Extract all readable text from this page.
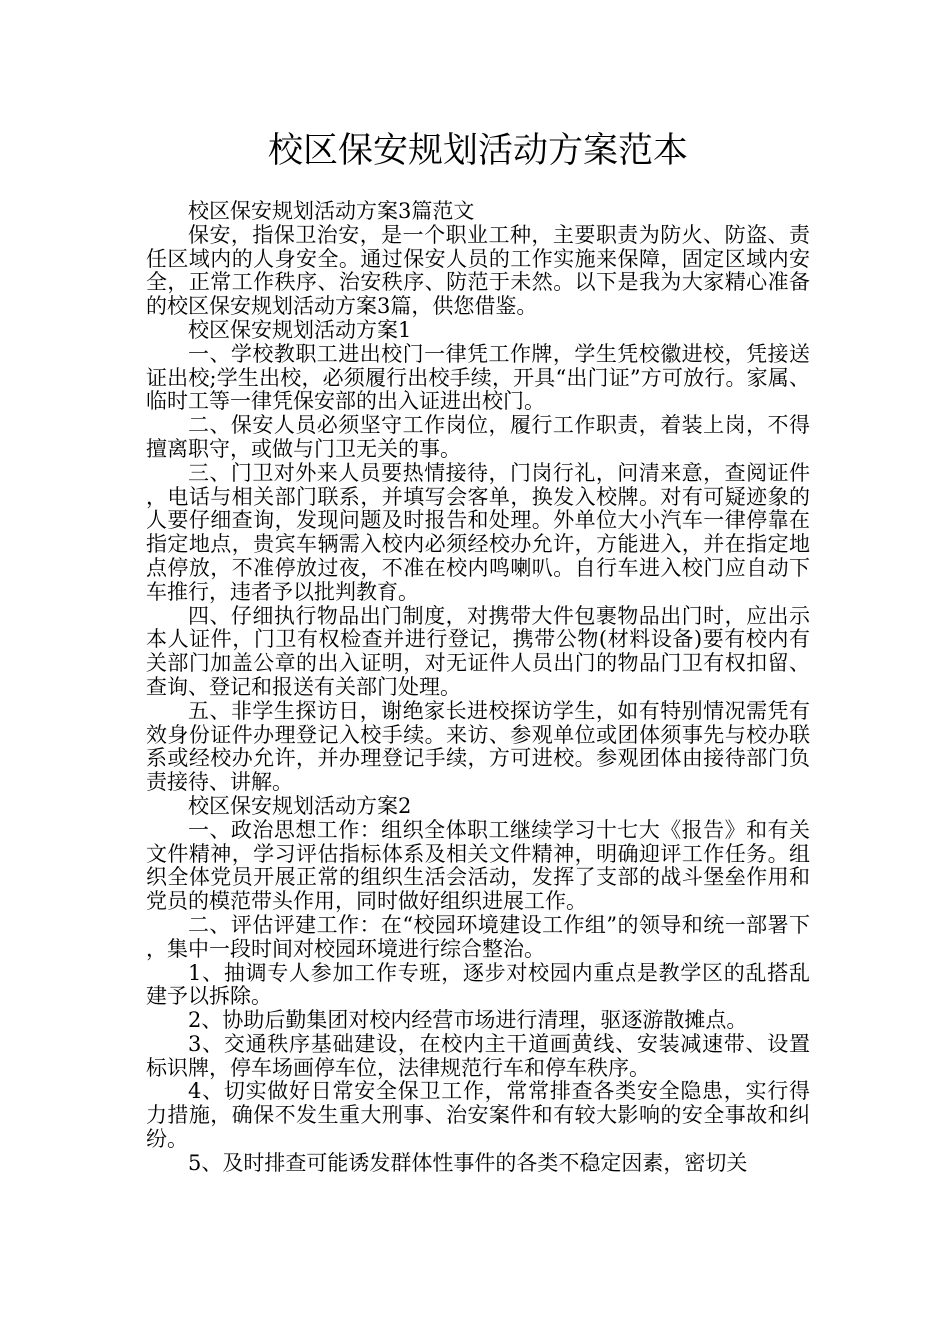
校区保安规划活动方案范本

校区保安规划活动方案3篇范文

保安，指保卫治安，是一个职业工种，主要职责为防火、防盗、责任区域内的人身安全。通过保安人员的工作实施来保障，固定区域内安全，正常工作秩序、治安秩序、防范于未然。以下是我为大家精心准备的校区保安规划活动方案3篇，供您借鉴。

校区保安规划活动方案1

一、学校教职工进出校门一律凭工作牌，学生凭校徽进校，凭接送证出校;学生出校，必须履行出校手续，开具“出门证”方可放行。家属、临时工等一律凭保安部的出入证进出校门。

二、保安人员必须坚守工作岗位，履行工作职责，着装上岗，不得擅离职守，或做与门卫无关的事。

三、门卫对外来人员要热情接待，门岗行礼，问清来意，查阅证件，电话与相关部门联系，并填写会客单，换发入校牌。对有可疑迹象的人要仔细查询，发现问题及时报告和处理。外单位大小汽车一律停靠在指定地点，贵宾车辆需入校内必须经校办允许，方能进入，并在指定地点停放，不准停放过夜，不准在校内鸣喇叭。自行车进入校门应自动下车推行，违者予以批判教育。

四、仔细执行物品出门制度，对携带大件包裹物品出门时，应出示本人证件，门卫有权检查并进行登记，携带公物(材料设备)要有校内有关部门加盖公章的出入证明，对无证件人员出门的物品门卫有权扣留、查询、登记和报送有关部门处理。

五、非学生探访日，谢绝家长进校探访学生，如有特别情况需凭有效身份证件办理登记入校手续。来访、参观单位或团体须事先与校办联系或经校办允许，并办理登记手续，方可进校。参观团体由接待部门负责接待、讲解。

校区保安规划活动方案2

一、政治思想工作：组织全体职工继续学习十七大《报告》和有关文件精神，学习评估指标体系及相关文件精神，明确迎评工作任务。组织全体党员开展正常的组织生活会活动，发挥了支部的战斗堡垒作用和党员的模范带头作用，同时做好组织进展工作。

二、评估评建工作：在“校园环境建设工作组”的领导和统一部署下，集中一段时间对校园环境进行综合整治。

1、抽调专人参加工作专班，逐步对校园内重点是教学区的乱搭乱建予以拆除。

2、协助后勤集团对校内经营市场进行清理，驱逐游散摊点。

3、交通秩序基础建设，在校内主干道画黄线、安装减速带、设置标识牌，停车场画停车位，法律规范行车和停车秩序。

4、切实做好日常安全保卫工作，常常排查各类安全隐患，实行得力措施，确保不发生重大刑事、治安案件和有较大影响的安全事故和纠纷。

5、及时排查可能诱发群体性事件的各类不稳定因素，密切关
